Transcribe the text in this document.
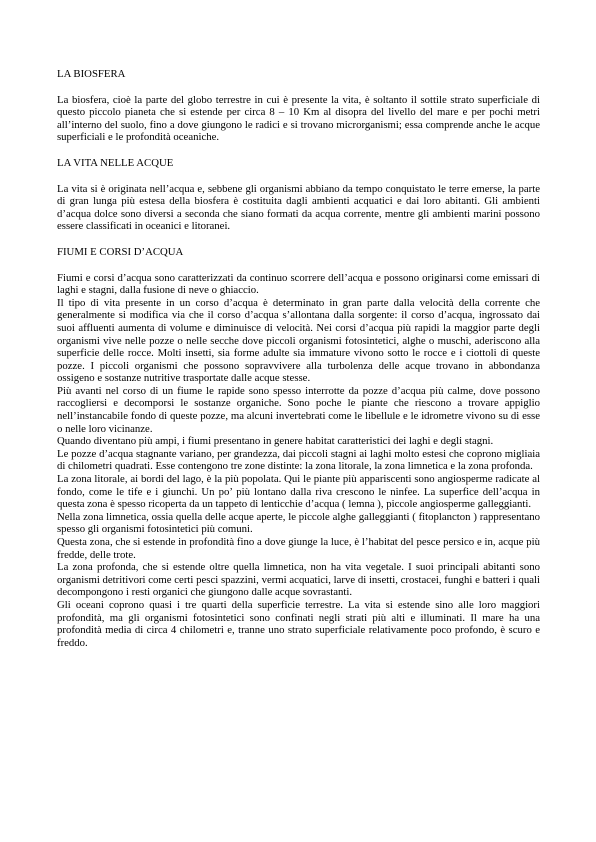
LA BIOSFERA

La biosfera, cioè la parte del globo terrestre in cui è presente la vita, è soltanto il sottile strato superficiale di questo piccolo pianeta che si estende per circa 8 – 10 Km al disopra del livello del mare e per pochi metri all’interno del suolo, fino a dove giungono le radici e si trovano microrganismi; essa comprende anche le acque superficiali e le profondità oceaniche.

LA VITA NELLE ACQUE

La vita si è originata nell’acqua e, sebbene gli organismi abbiano da tempo conquistato le terre emerse, la parte di gran lunga più estesa della biosfera è costituita dagli ambienti acquatici e dai loro abitanti. Gli ambienti d’acqua dolce sono diversi a seconda che siano formati da acqua corrente, mentre gli ambienti marini possono essere classificati in oceanici e litoranei.

FIUMI E CORSI D’ACQUA

Fiumi e corsi d’acqua sono caratterizzati da continuo scorrere dell’acqua e possono originarsi come emissari di laghi e stagni, dalla fusione di neve o ghiaccio.

Il tipo di vita presente in un corso d’acqua è determinato in gran parte dalla velocità della corrente che generalmente si modifica via che il corso d’acqua s’allontana dalla sorgente: il corso d’acqua, ingrossato dai suoi affluenti aumenta di volume e diminuisce di velocità. Nei corsi d’acqua più rapidi la maggior parte degli organismi vive nelle pozze o nelle secche dove piccoli organismi fotosintetici, alghe o muschi, aderiscono alla superficie delle rocce. Molti insetti, sia forme adulte sia immature vivono sotto le rocce e i ciottoli di queste pozze. I piccoli organismi che possono sopravvivere alla turbolenza delle acque trovano in abbondanza ossigeno e sostanze nutritive trasportate dalle acque stesse.

Più avanti nel corso di un fiume le rapide sono spesso interrotte da pozze d’acqua più calme, dove possono raccogliersi e decomporsi le sostanze organiche. Sono poche le piante che riescono a trovare appiglio nell’instancabile fondo di queste pozze, ma alcuni invertebrati come le libellule e le idrometre vivono su di esse o nelle loro vicinanze.

Quando diventano più ampi, i fiumi presentano in genere habitat caratteristici dei laghi e degli stagni.

Le pozze d’acqua stagnante variano, per grandezza, dai piccoli stagni ai laghi molto estesi che coprono migliaia di chilometri quadrati. Esse contengono tre zone distinte: la zona litorale, la zona limnetica e la zona profonda.

La zona litorale, ai bordi del lago, è la più popolata. Qui le piante più appariscenti sono angiosperme radicate al fondo, come le tife e i giunchi. Un po’ più lontano dalla riva crescono le ninfee. La superfice dell’acqua in questa zona è spesso ricoperta da un tappeto di lenticchie d’acqua ( lemna ), piccole angiosperme galleggianti.

Nella zona limnetica, ossia quella delle acque aperte, le piccole alghe galleggianti ( fitoplancton ) rappresentano spesso gli organismi fotosintetici più comuni.

Questa zona, che si estende in profondità fino a dove giunge la luce, è l’habitat del pesce persico e in, acque più fredde, delle trote.

La zona profonda, che si estende oltre quella limnetica, non ha vita vegetale. I suoi principali abitanti sono organismi detritivori come certi pesci spazzini, vermi acquatici, larve di insetti, crostacei, funghi e batteri i quali decompongono i resti organici che giungono dalle acque sovrastanti.

Gli oceani coprono quasi i tre quarti della superficie terrestre. La vita si estende sino alle loro maggiori profondità, ma gli organismi fotosintetici sono confinati negli strati più alti e illuminati. Il mare ha una profondità media di circa 4 chilometri e, tranne uno strato superficiale relativamente poco profondo, è scuro e freddo.
